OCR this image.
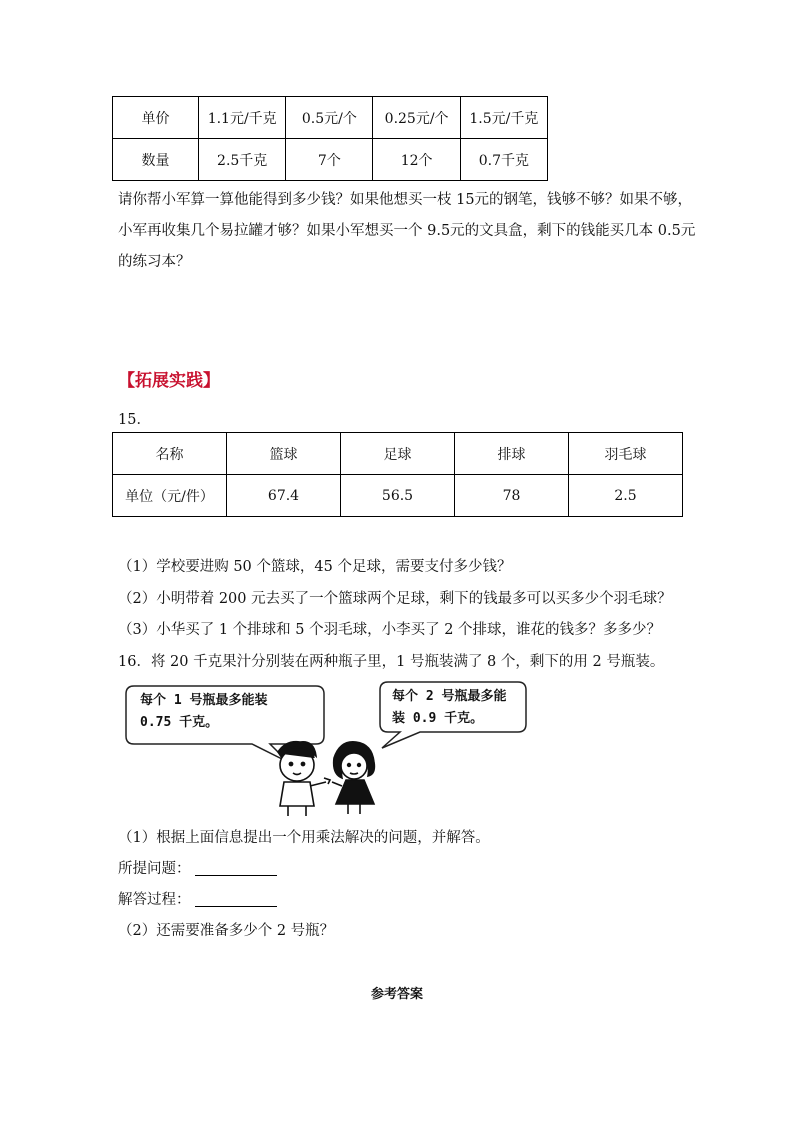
单价	1.1元/千克	0.5元/个	0.25元/个	1.5元/千克
数量	2.5千克	7个	12个	0.7千克
请你帮小军算一算他能得到多少钱？如果他想买一枝 15元的钢笔，钱够不够？如果不够，
小军再收集几个易拉罐才够？如果小军想买一个 9.5元的文具盒，剩下的钱能买几本 0.5元
的练习本？
【拓展实践】
15．
名称	篮球	足球	排球	羽毛球
单位（元/件）	67.4	56.5	78	2.5
（1）学校要进购 50 个篮球，45 个足球，需要支付多少钱？
（2）小明带着 200 元去买了一个篮球两个足球，剩下的钱最多可以买多少个羽毛球？
（3）小华买了 1 个排球和 5 个羽毛球，小李买了 2 个排球，谁花的钱多？多多少？
16．将 20 千克果汁分别装在两种瓶子里，1 号瓶装满了 8 个，剩下的用 2 号瓶装。
每个 1 号瓶最多能装
0.75 千克。
每个 2 号瓶最多能
装 0.9 千克。
（1）根据上面信息提出一个用乘法解决的问题，并解答。
所提问题：
解答过程：
（2）还需要准备多少个 2 号瓶？
参考答案
